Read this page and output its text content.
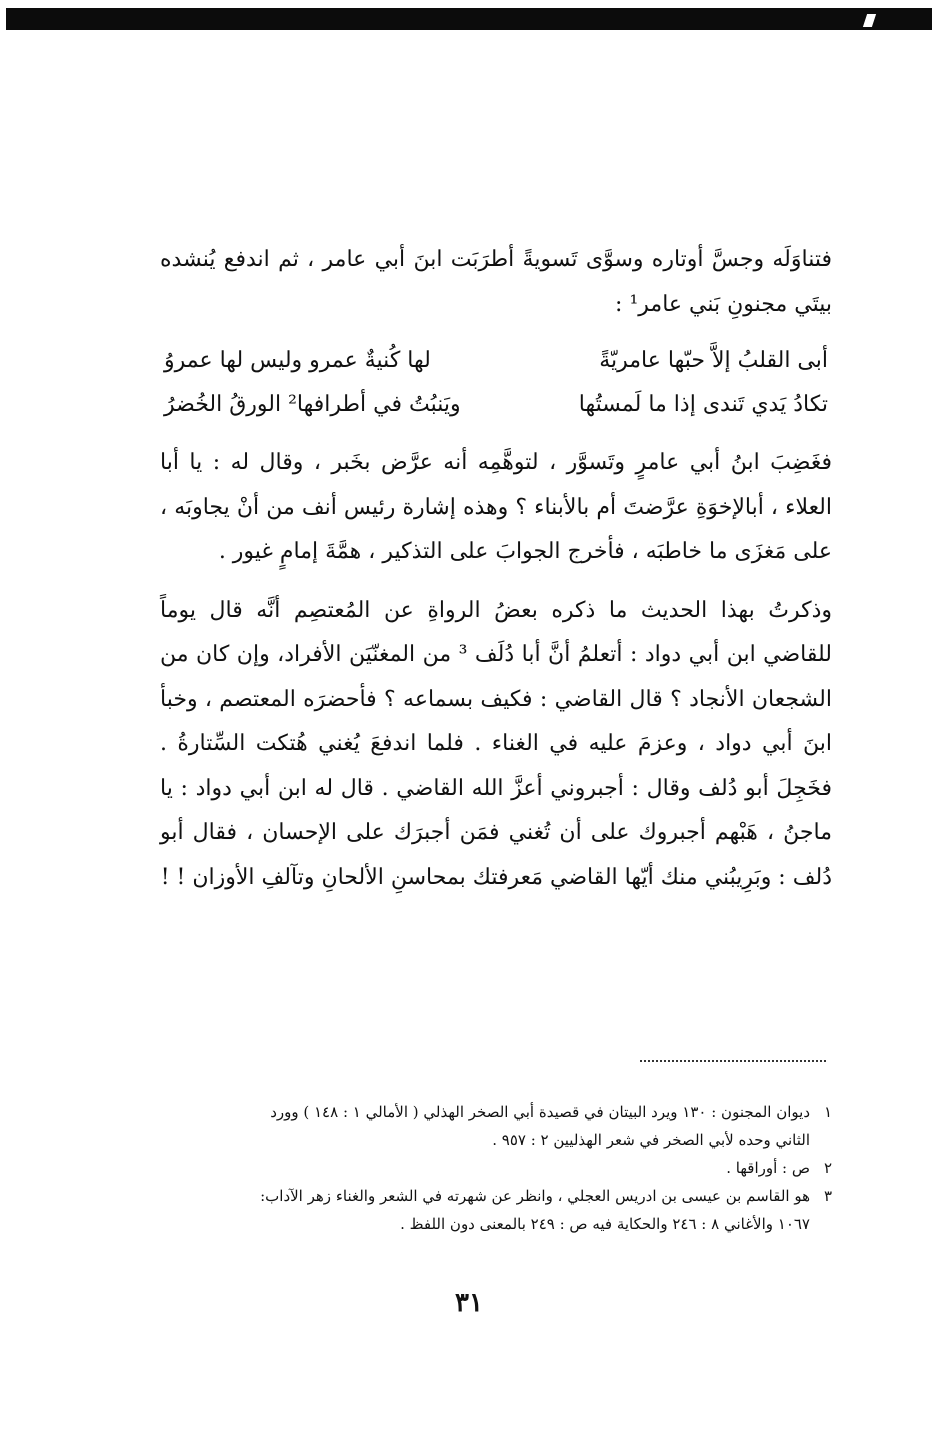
فتناوَلَه وجسَّ أوتاره وسوَّى تَسويةً أطرَبَت ابنَ أبي عامر ، ثم اندفع يُنشده بيتَي مجنونِ بَني عامر¹ :

أبى القلبُ إلاَّ حبّها عامريّةً
لها كُنيةٌ عمرو وليس لها عمروُ
تكادُ يَدي تَندى إذا ما لَمستُها
ويَنبُتُ في أطرافها² الورقُ الخُضرُ

فغَضِبَ ابنُ أبي عامرٍ وتَسوَّر ، لتوهَّمِه أنه عرَّض بخَبر ، وقال له : يا أبا العلاء ، أبالإخوَةِ عرَّضتَ أم بالأبناء ؟ وهذه إشارة رئيس أنف من أنْ يجاوبَه ، على مَغزَى ما خاطبَه ، فأخرج الجوابَ على التذكير ، همَّةَ إمامٍ غيور .

وذكرتُ بهذا الحديث ما ذكره بعضُ الرواةِ عن المُعتصِم أنَّه قال يوماً للقاضي ابن أبي دواد : أتعلمُ أنَّ أبا دُلَف ³ من المغنّيَن الأفراد، وإن كان من الشجعان الأنجاد ؟ قال القاضي : فكيف بسماعه ؟ فأحضرَه المعتصم ، وخبأ ابنَ أبي دواد ، وعزمَ عليه في الغناء . فلما اندفعَ يُغني هُتكت السِّتارةُ . فخَجِلَ أبو دُلف وقال : أجبروني أعزَّ الله القاضي . قال له ابن أبي دواد : يا ماجنُ ، هَبْهم أجبروك على أن تُغني فمَن أجبرَك على الإحسان ، فقال أبو دُلف : وبَرِيبُني منك أيّها القاضي مَعرفتك بمحاسنِ الألحانِ وتآلفِ الأوزان ! !

١ديوان المجنون : ١٣٠ ويرد البيتان في قصيدة أبي الصخر الهذلي ( الأمالي ١ : ١٤٨ ) وورد
الثاني وحده لأبي الصخر في شعر الهذليين ٢ : ٩٥٧ .

٢ص : أوراقها .

٣هو القاسم بن عيسى بن ادريس العجلي ، وانظر عن شهرته في الشعر والغناء زهر الآداب:
١٠٦٧ والأغاني ٨ : ٢٤٦ والحكاية فيه ص : ٢٤٩ بالمعنى دون اللفظ .

٣١
